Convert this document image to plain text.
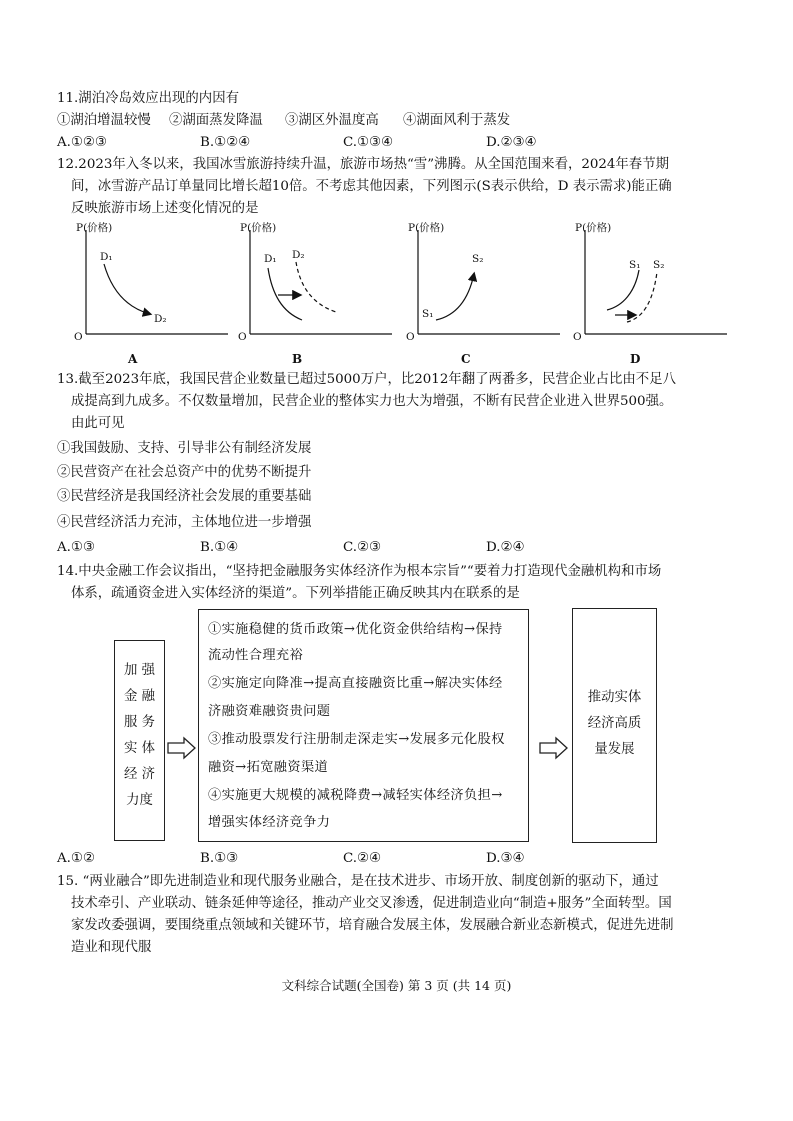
11.湖泊冷岛效应出现的内因有
①湖泊增温较慢 ②湖面蒸发降温 ③湖区外温度高 ④湖面风利于蒸发
A.①②③	B.①②④	C.①③④	D.②③④
12.2023年入冬以来，我国冰雪旅游持续升温，旅游市场热“雪”沸腾。从全国范围来看，2024年春节期
间，冰雪游产品订单量同比增长超10倍。不考虑其他因素，下列图示(S表示供给，D 表示需求)能正确
反映旅游市场上述变化情况的是
P(价格)
O
D₁
D₂
A
P(价格)
O
D₁ D₂
B
P(价格)
O
S₁
S₂
C
P(价格)
O
S₁ S₂
D
13.截至2023年底，我国民营企业数量已超过5000万户，比2012年翻了两番多，民营企业占比由不足八
成提高到九成多。不仅数量增加，民营企业的整体实力也大为增强，不断有民营企业进入世界500强。
由此可见
①我国鼓励、支持、引导非公有制经济发展
②民营资产在社会总资产中的优势不断提升
③民营经济是我国经济社会发展的重要基础
④民营经济活力充沛，主体地位进一步增强
A.①③	B.①④	C.②③	D.②④
14.中央金融工作会议指出，“坚持把金融服务实体经济作为根本宗旨”“要着力打造现代金融机构和市场
体系，疏通资金进入实体经济的渠道”。下列举措能正确反映其内在联系的是
加 强
金 融
服 务
实 体
经 济
力度
①实施稳健的货币政策→优化资金供给结构→保持
流动性合理充裕
②实施定向降准→提高直接融资比重→解决实体经
济融资难融资贵问题
③推动股票发行注册制走深走实→发展多元化股权
融资→拓宽融资渠道
④实施更大规模的减税降费→减轻实体经济负担→
增强实体经济竞争力
推动实体
经济高质
量发展
A.①②	B.①③	C.②④	D.③④
15. “两业融合”即先进制造业和现代服务业融合，是在技术进步、市场开放、制度创新的驱动下，通过
技术牵引、产业联动、链条延伸等途径，推动产业交叉渗透，促进制造业向“制造+服务”全面转型。国
家发改委强调，要围绕重点领域和关键环节，培育融合发展主体，发展融合新业态新模式，促进先进制
造业和现代服
文科综合试题(全国卷) 第 3 页 (共 14 页)
